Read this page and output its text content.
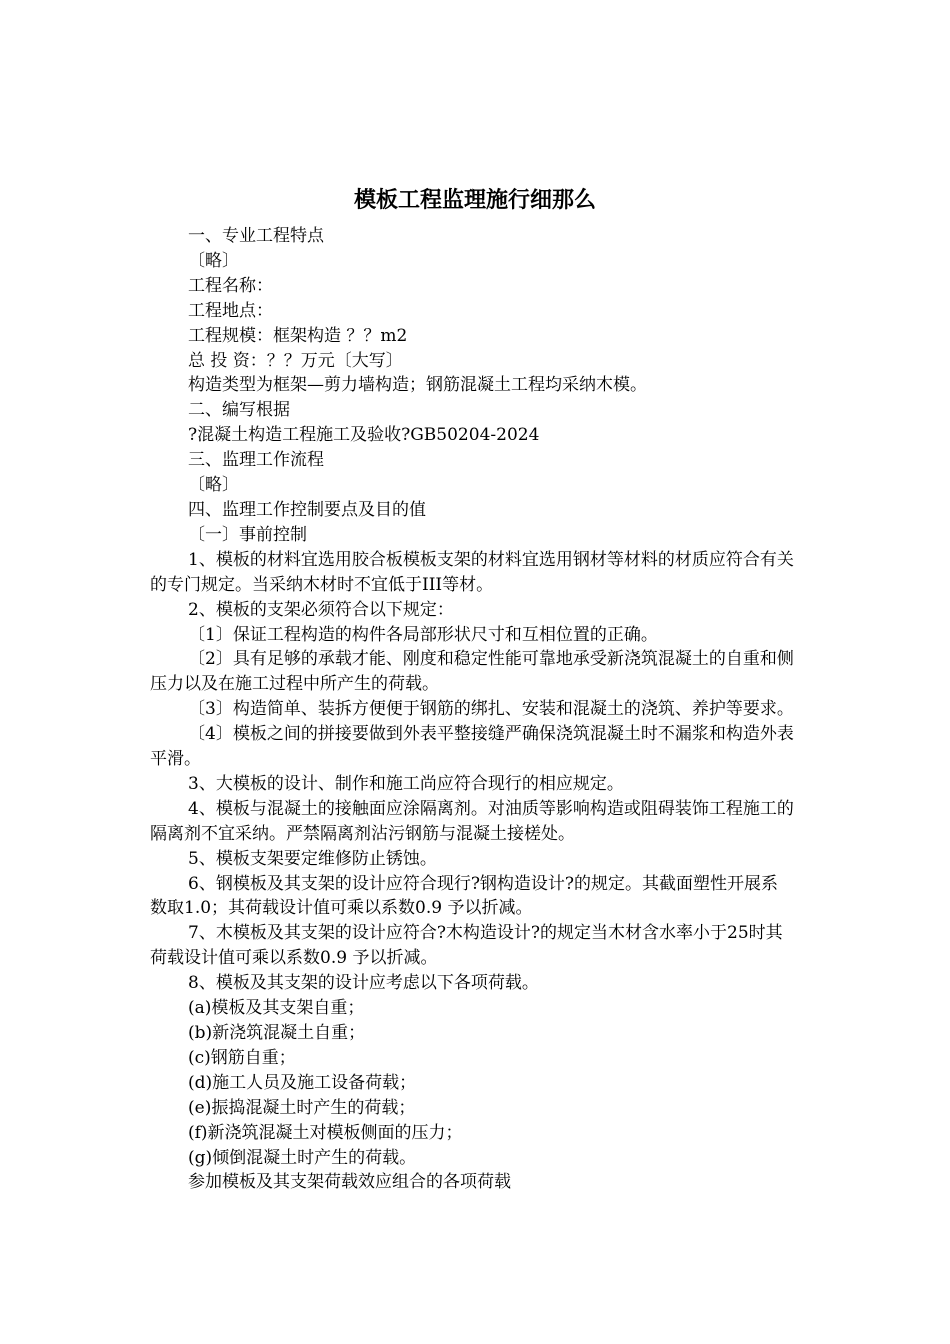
模板工程监理施行细那么

一、专业工程特点

〔略〕

工程名称：

工程地点：

工程规模：框架构造 ？？m2

总 投 资：？？万元〔大写〕

构造类型为框架—剪力墙构造；钢筋混凝土工程均采纳木模。

二、编写根据

?混凝土构造工程施工及验收?GB50204-2024

三、监理工作流程

〔略〕

四、监理工作控制要点及目的值

〔一〕事前控制

1、模板的材料宜选用胶合板模板支架的材料宜选用钢材等材料的材质应符合有关的专门规定。当采纳木材时不宜低于III等材。

2、模板的支架必须符合以下规定：

〔1〕保证工程构造的构件各局部形状尺寸和互相位置的正确。

〔2〕具有足够的承载才能、刚度和稳定性能可靠地承受新浇筑混凝土的自重和侧压力以及在施工过程中所产生的荷载。

〔3〕构造简单、装拆方便便于钢筋的绑扎、安装和混凝土的浇筑、养护等要求。

〔4〕模板之间的拼接要做到外表平整接缝严确保浇筑混凝土时不漏浆和构造外表平滑。

3、大模板的设计、制作和施工尚应符合现行的相应规定。

4、模板与混凝土的接触面应涂隔离剂。对油质等影响构造或阻碍装饰工程施工的隔离剂不宜采纳。严禁隔离剂沾污钢筋与混凝土接槎处。

5、模板支架要定维修防止锈蚀。

6、钢模板及其支架的设计应符合现行?钢构造设计?的规定。其截面塑性开展系数取1.0；其荷载设计值可乘以系数0.9 予以折减。

7、木模板及其支架的设计应符合?木构造设计?的规定当木材含水率小于25时其荷载设计值可乘以系数0.9 予以折减。

8、模板及其支架的设计应考虑以下各项荷载。

(a)模板及其支架自重；

(b)新浇筑混凝土自重；

(c)钢筋自重；

(d)施工人员及施工设备荷载；

(e)振捣混凝土时产生的荷载；

(f)新浇筑混凝土对模板侧面的压力；

(g)倾倒混凝土时产生的荷载。

参加模板及其支架荷载效应组合的各项荷载
